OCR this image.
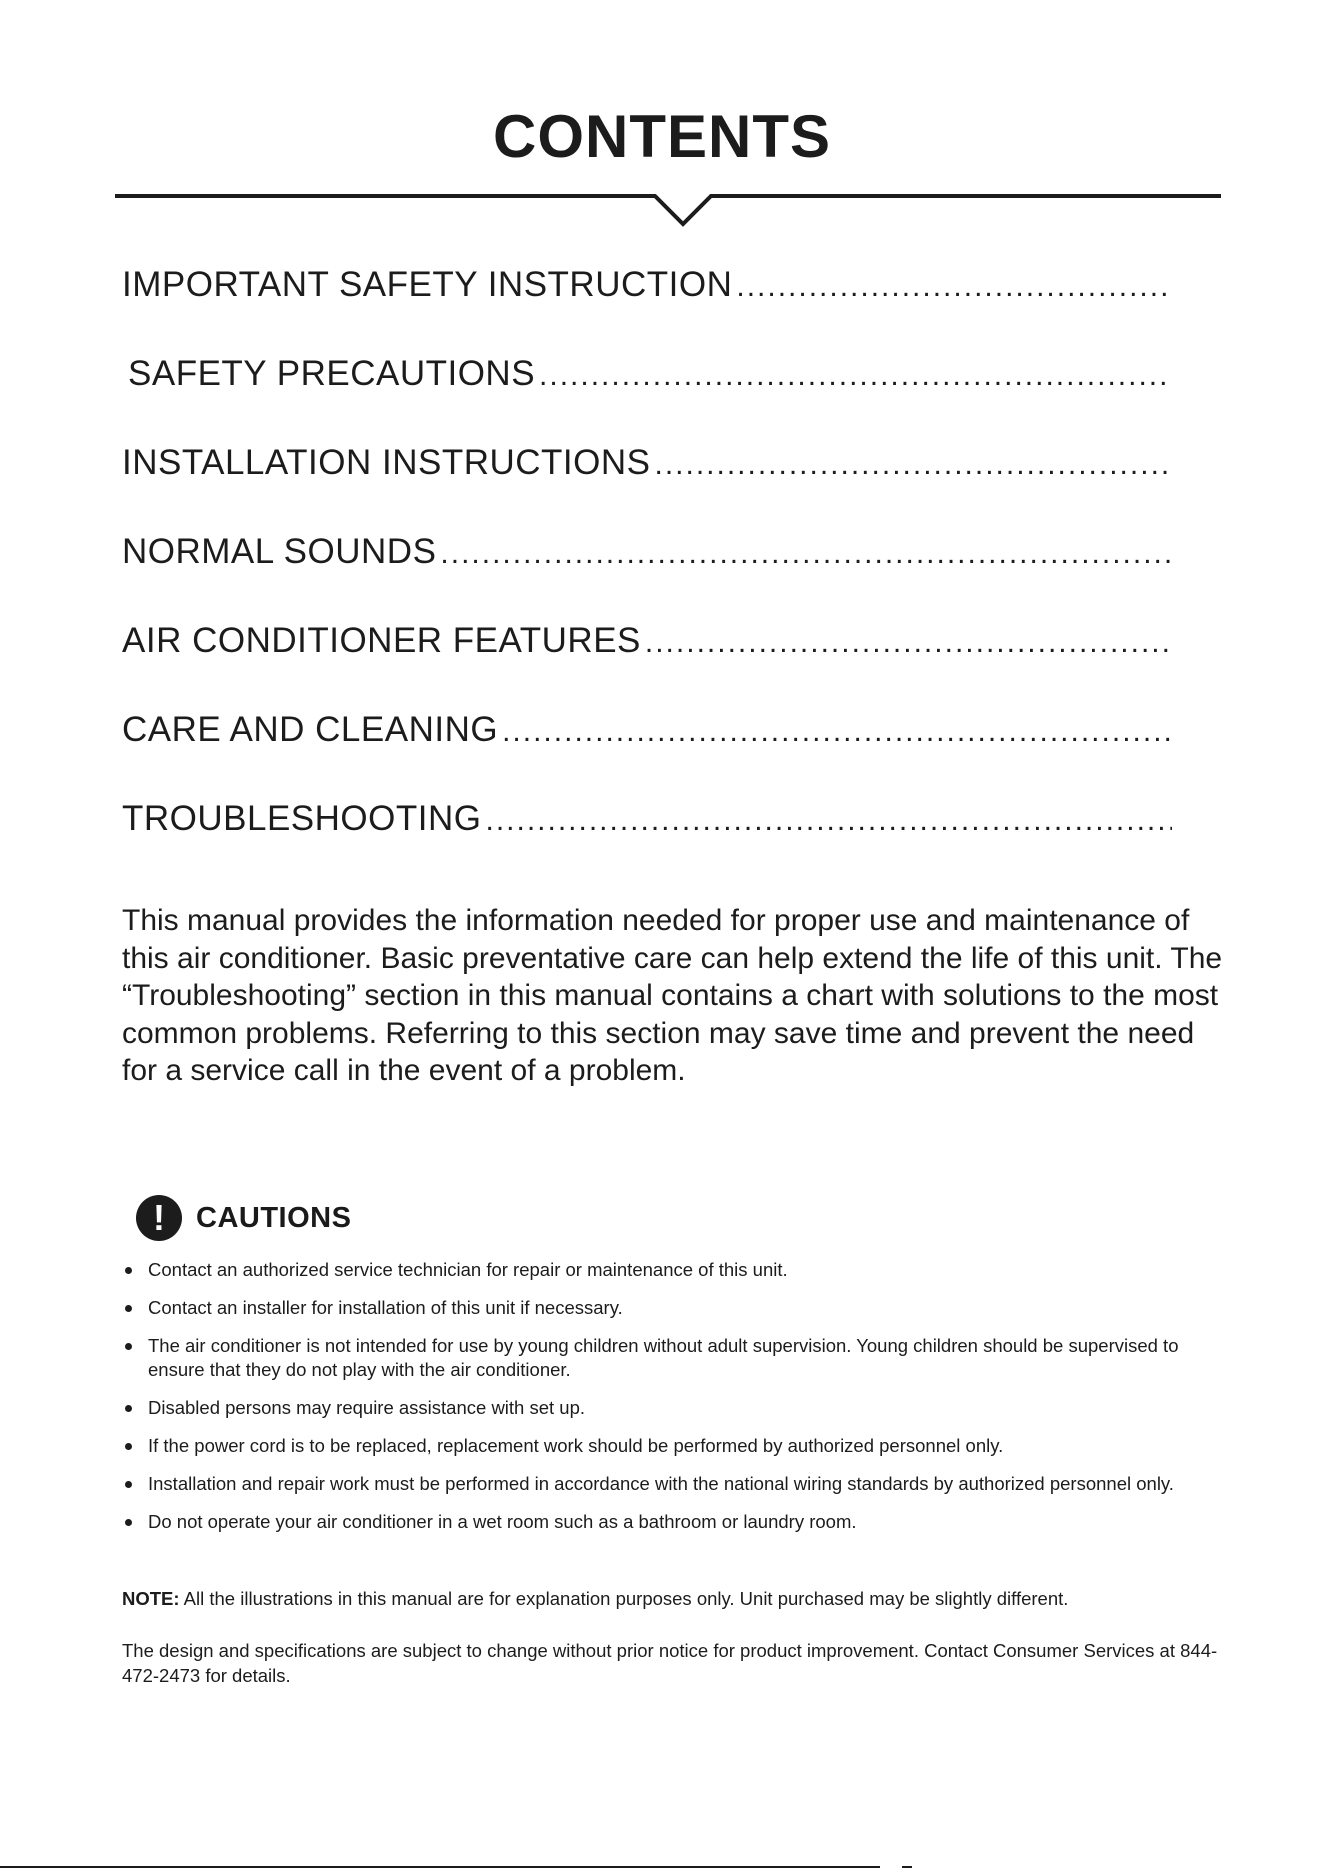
CONTENTS
IMPORTANT SAFETY INSTRUCTION
.....
SAFETY PRECAUTIONS
.....
INSTALLATION INSTRUCTIONS
.....
NORMAL SOUNDS
.....
AIR CONDITIONER FEATURES
.....
CARE AND CLEANING
.....
TROUBLESHOOTING
.....

This manual provides the information needed for proper use and maintenance of this air conditioner. Basic preventative care can help extend the life of this unit. The “Troubleshooting” section in this manual contains a chart with solutions to the most common problems. Referring to this section may save time and prevent the need for a service call in the event of a problem.

!	CAUTIONS
Contact an authorized service technician for repair or maintenance of this unit.
Contact an installer for installation of this unit if necessary.
The air conditioner is not intended for use by young children without adult supervision. Young children should be supervised to ensure that they do not play with the air conditioner.
Disabled persons may require assistance with set up.
If the power cord is to be replaced, replacement work should be performed by authorized personnel only.
Installation and repair work must be performed in accordance with the national wiring standards by authorized personnel only.
Do not operate your air conditioner in a wet room such as a bathroom or laundry room.

NOTE: All the illustrations in this manual are for explanation purposes only. Unit purchased may be slightly different.

The design and specifications are subject to change without prior notice for product improvement. Contact Consumer Services at 844-472-2473 for details.
